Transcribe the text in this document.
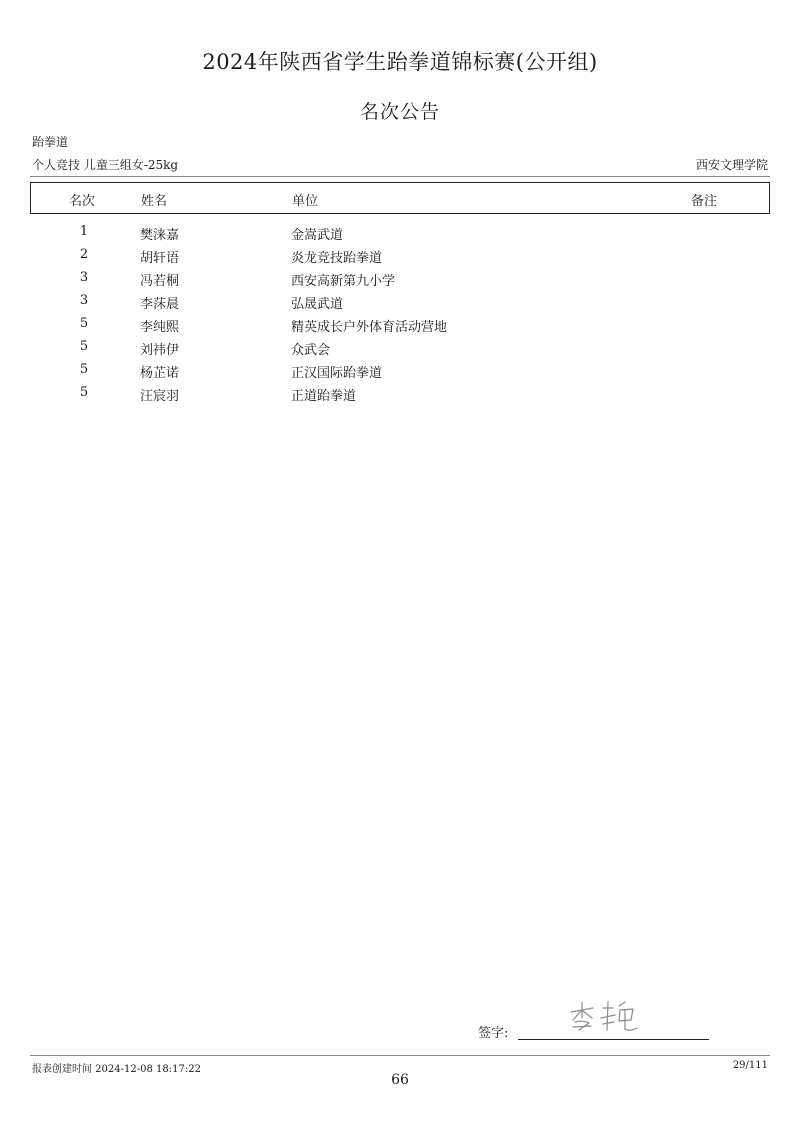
2024年陕西省学生跆拳道锦标赛(公开组)
名次公告
跆拳道
个人竞技 儿童三组女-25kg	西安文理学院
名次	姓名	单位	备注
1	樊涞嘉	金嵩武道
2	胡轩语	炎龙竞技跆拳道
3	冯若桐	西安高新第九小学
3	李莯晨	弘晟武道
5	李纯熙	精英成长户外体育活动营地
5	刘祎伊	众武会
5	杨芷诺	正汉国际跆拳道
5	汪宸羽	正道跆拳道
签字:
报表创建时间 2024-12-08 18:17:22	29/111
66
